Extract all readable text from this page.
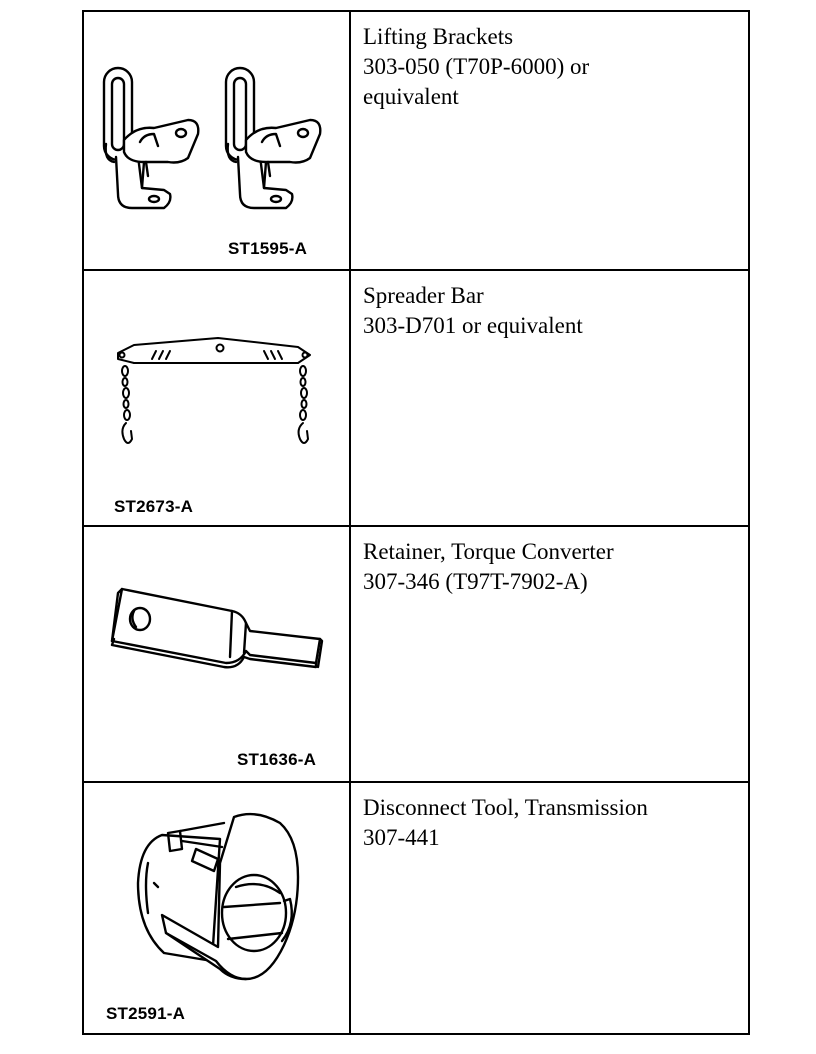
ST1595-A
Lifting Brackets
303-050 (T70P-6000) or
equivalent
ST2673-A
Spreader Bar
303-D701 or equivalent
ST1636-A
Retainer, Torque Converter
307-346 (T97T-7902-A)
ST2591-A
Disconnect Tool, Transmission
307-441
